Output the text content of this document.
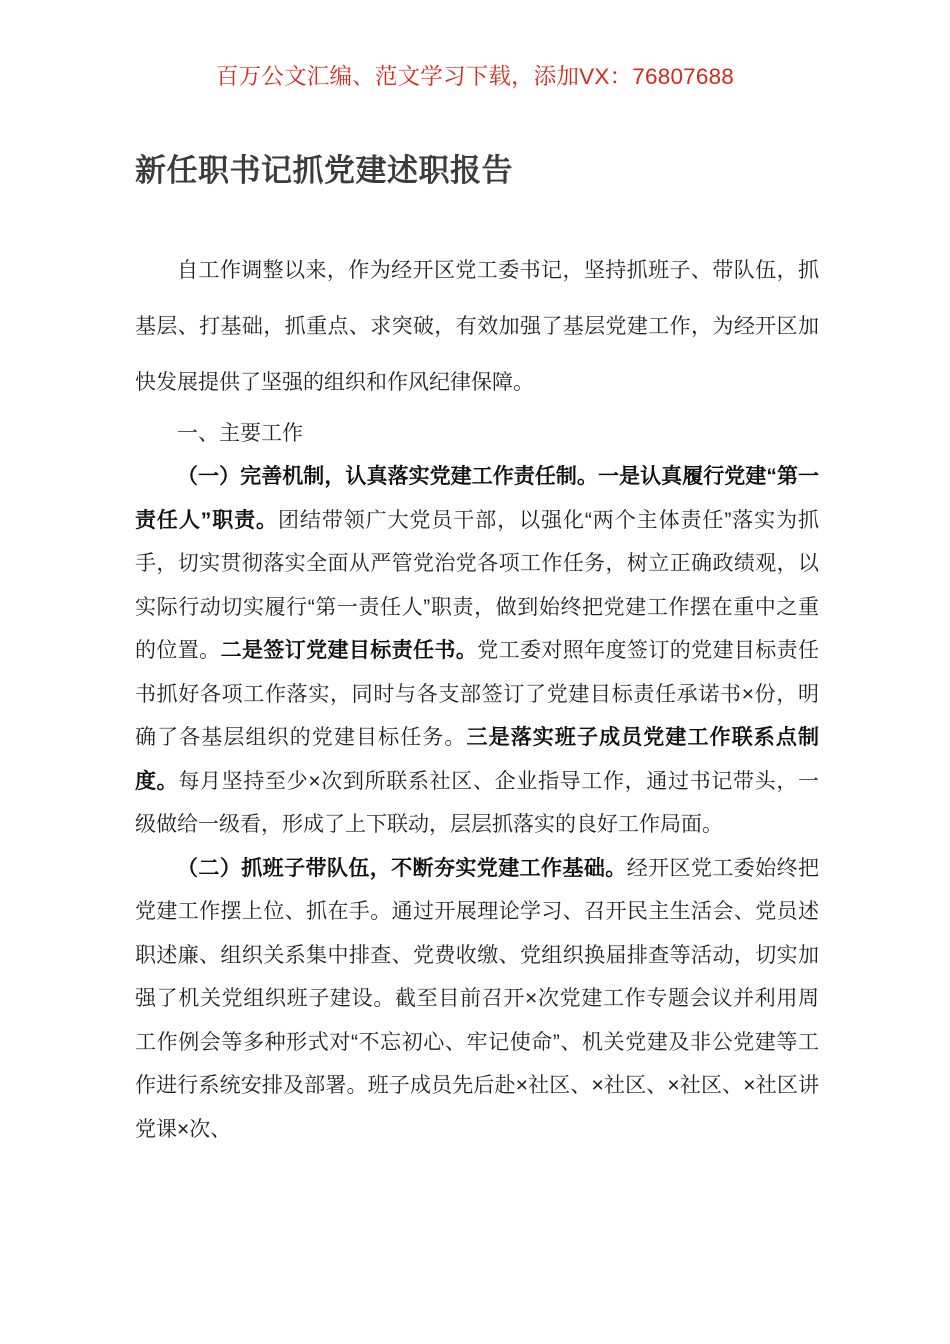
百万公文汇编、范文学习下载，添加VX：76807688
新任职书记抓党建述职报告

自工作调整以来，作为经开区党工委书记，坚持抓班子、带队伍，抓基层、打基础，抓重点、求突破，有效加强了基层党建工作，为经开区加快发展提供了坚强的组织和作风纪律保障。

一、主要工作

（一）完善机制，认真落实党建工作责任制。一是认真履行党建“第一责任人”职责。团结带领广大党员干部，以强化“两个主体责任”落实为抓手，切实贯彻落实全面从严管党治党各项工作任务，树立正确政绩观，以实际行动切实履行“第一责任人”职责，做到始终把党建工作摆在重中之重的位置。二是签订党建目标责任书。党工委对照年度签订的党建目标责任书抓好各项工作落实，同时与各支部签订了党建目标责任承诺书×份，明确了各基层组织的党建目标任务。三是落实班子成员党建工作联系点制度。每月坚持至少×次到所联系社区、企业指导工作，通过书记带头，一级做给一级看，形成了上下联动，层层抓落实的良好工作局面。

（二）抓班子带队伍，不断夯实党建工作基础。经开区党工委始终把党建工作摆上位、抓在手。通过开展理论学习、召开民主生活会、党员述职述廉、组织关系集中排查、党费收缴、党组织换届排查等活动，切实加强了机关党组织班子建设。截至目前召开×次党建工作专题会议并利用周工作例会等多种形式对“不忘初心、牢记使命”、机关党建及非公党建等工作进行系统安排及部署。班子成员先后赴×社区、×社区、×社区、×社区讲党课×次、
